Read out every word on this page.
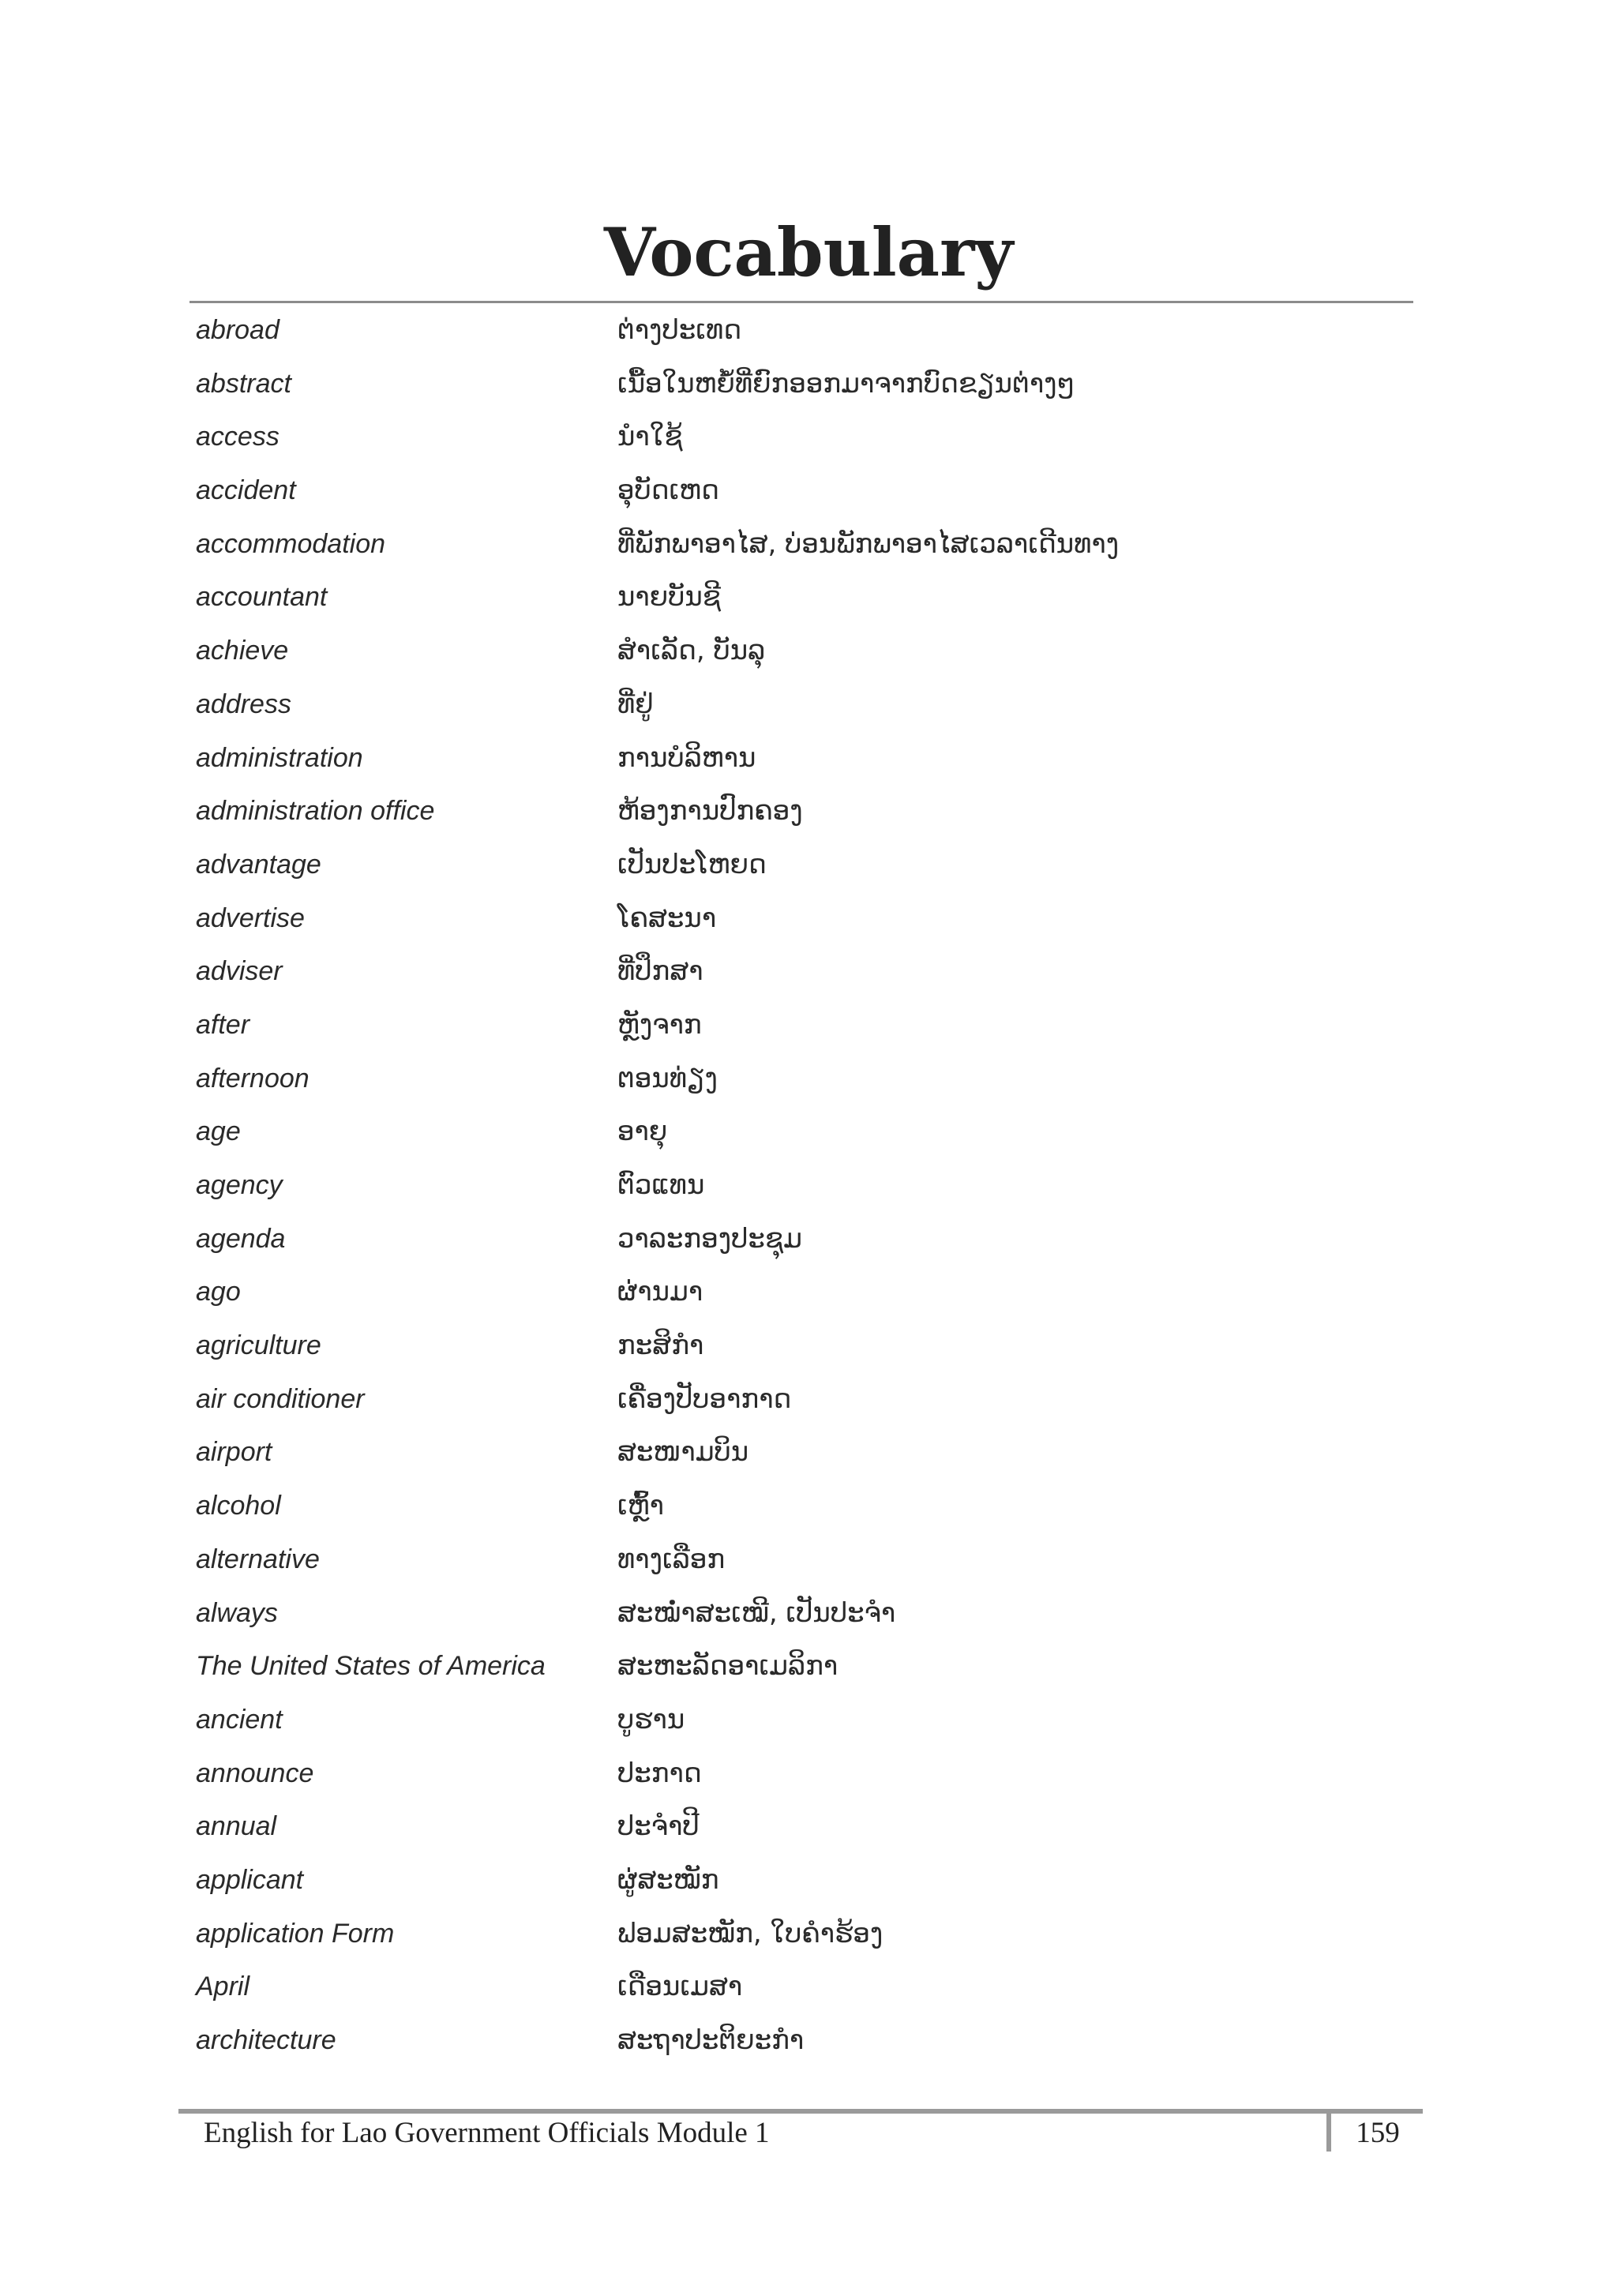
Vocabulary
abroad	ຕ່າງປະເທດ
abstract	ເນື້ອໃນຫຍໍ້ທີ່ຍົກອອກມາຈາກບົດຂຽນຕ່າງໆ
access	ນຳໃຊ້
accident	ອຸບັດເຫດ
accommodation	ທີ່ພັກພາອາໄສ, ບ່ອນພັກພາອາໄສເວລາເດີນທາງ
accountant	ນາຍບັນຊີ
achieve	ສຳເລັດ, ບັນລຸ
address	ທີ່ຢູ່
administration	ການບໍລິຫານ
administration office	ຫ້ອງການປົກຄອງ
advantage	ເປັນປະໂຫຍດ
advertise	ໂຄສະນາ
adviser	ທີ່ປຶກສາ
after	ຫຼັງຈາກ
afternoon	ຕອນທ່ຽງ
age	ອາຍຸ
agency	ຕົວແທນ
agenda	ວາລະກອງປະຊຸມ
ago	ຜ່ານມາ
agriculture	ກະສິກຳ
air conditioner	ເຄື່ອງປັບອາກາດ
airport	ສະໜາມບິນ
alcohol	ເຫຼົ້າ
alternative	ທາງເລືອກ
always	ສະໝໍ່າສະເໝີ, ເປັນປະຈຳ
The United States of America	ສະຫະລັດອາເມລິກາ
ancient	ບູຮານ
announce	ປະກາດ
annual	ປະຈຳປີ
applicant	ຜູ່ສະໝັກ
application Form	ຟອມສະໝັກ, ໃບຄຳຮ້ອງ
April	ເດືອນເມສາ
architecture	ສະຖາປະຕິຍະກຳ
English for Lao Government Officials Module 1	159
